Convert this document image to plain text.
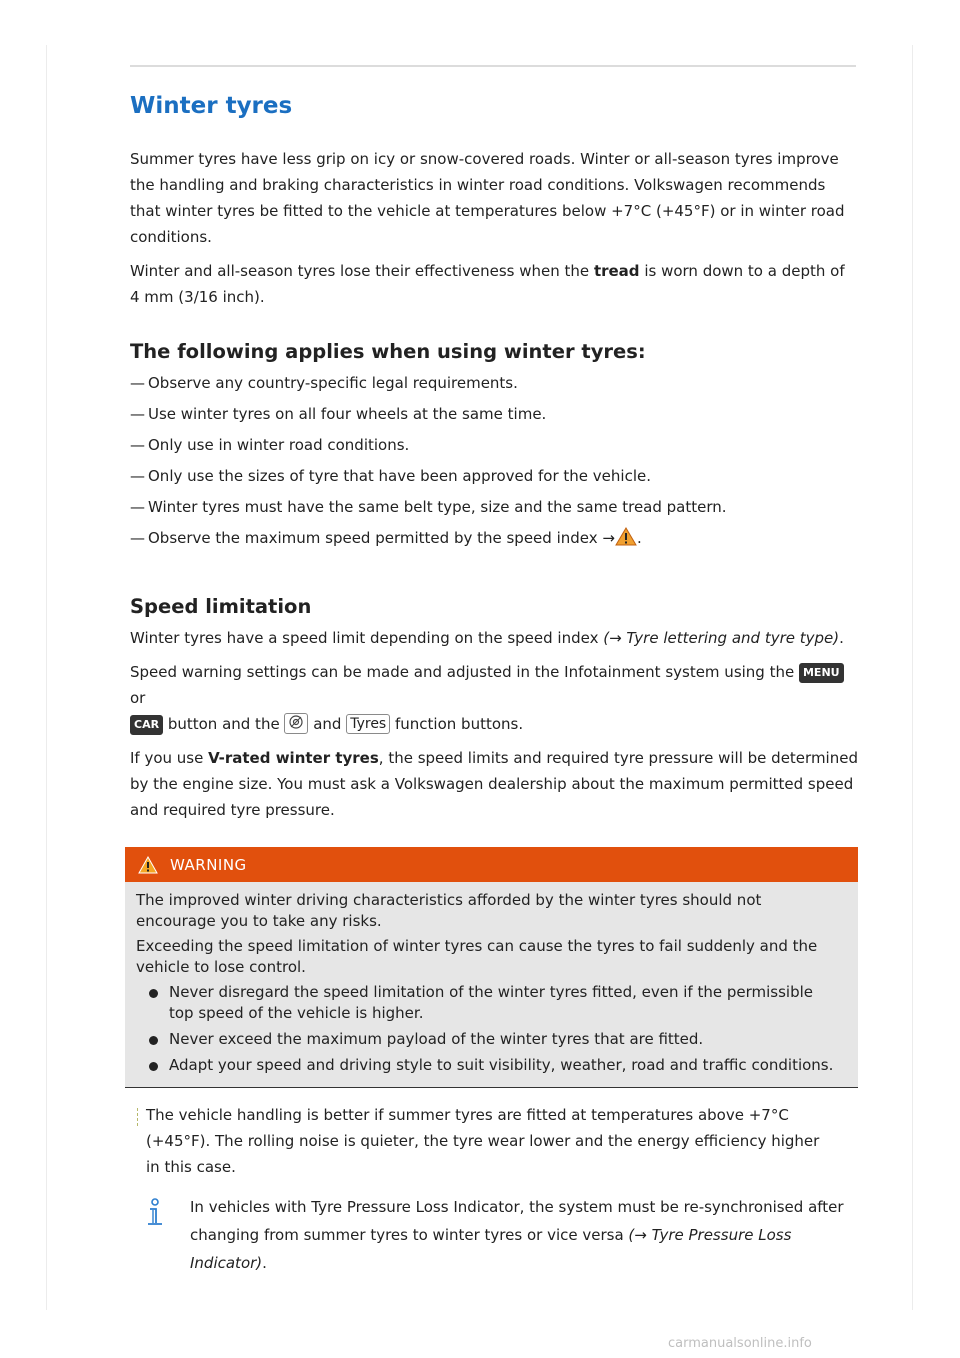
Winter tyres

Summer tyres have less grip on icy or snow-covered roads. Winter or all-season tyres improve the handling and braking characteristics in winter road conditions. Volkswagen recommends that winter tyres be fitted to the vehicle at temperatures below +7°C (+45°F) or in winter road conditions.

Winter and all-season tyres lose their effectiveness when the tread is worn down to a depth of 4 mm (3/16 inch).

The following applies when using winter tyres:
— Observe any country-specific legal requirements.
— Use winter tyres on all four wheels at the same time.
— Only use in winter road conditions.
— Only use the sizes of tyre that have been approved for the vehicle.
— Winter tyres must have the same belt type, size and the same tread pattern.
— Observe the maximum speed permitted by the speed index → .
Speed limitation

Winter tyres have a speed limit depending on the speed index (→ Tyre lettering and tyre type).

Speed warning settings can be made and adjusted in the Infotainment system using the MENU or
CAR button and the  and Tyres function buttons.

If you use V-rated winter tyres, the speed limits and required tyre pressure will be determined by the engine size. You must ask a Volkswagen dealership about the maximum permitted speed and required tyre pressure.

WARNING

The improved winter driving characteristics afforded by the winter tyres should not encourage you to take any risks.

Exceeding the speed limitation of winter tyres can cause the tyres to fail suddenly and the vehicle to lose control.

Never disregard the speed limitation of the winter tyres fitted, even if the permissible top speed of the vehicle is higher.
Never exceed the maximum payload of the winter tyres that are fitted.
Adapt your speed and driving style to suit visibility, weather, road and traffic conditions.

The vehicle handling is better if summer tyres are fitted at temperatures above +7°C (+45°F). The rolling noise is quieter, the tyre wear lower and the energy efficiency higher in this case.

In vehicles with Tyre Pressure Loss Indicator, the system must be re-synchronised after changing from summer tyres to winter tyres or vice versa (→ Tyre Pressure Loss Indicator).

carmanualsonline.info
